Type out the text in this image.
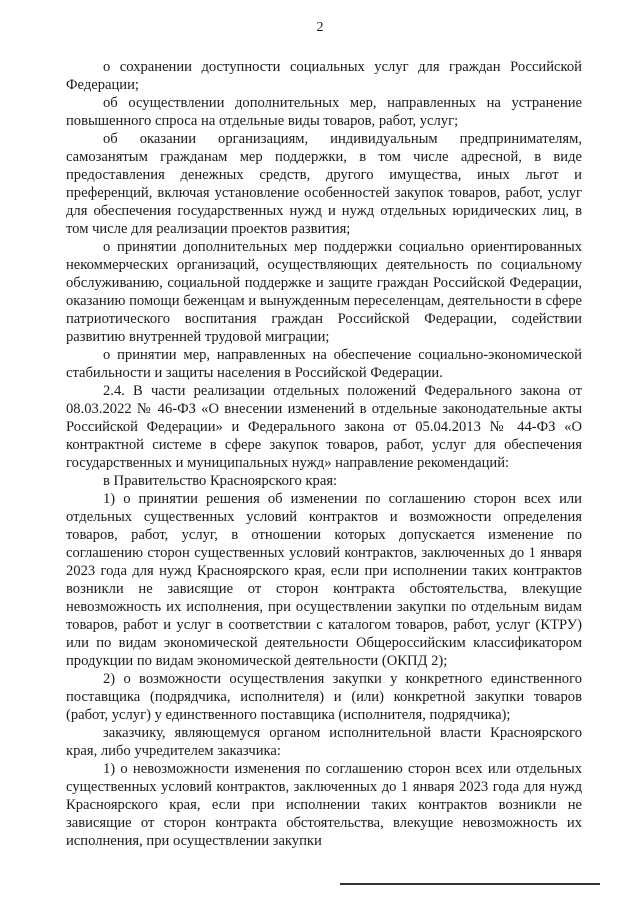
2

о сохранении доступности социальных услуг для граждан Российской Федерации;

об осуществлении дополнительных мер, направленных на устранение повышенного спроса на отдельные виды товаров, работ, услуг;

об оказании организациям, индивидуальным предпринимателям, самозанятым гражданам мер поддержки, в том числе адресной, в виде предоставления денежных средств, другого имущества, иных льгот и преференций, включая установление особенностей закупок товаров, работ, услуг для обеспечения государственных нужд и нужд отдельных юридических лиц, в том числе для реализации проектов развития;

о принятии дополнительных мер поддержки социально ориентированных некоммерческих организаций, осуществляющих деятельность по социальному обслуживанию, социальной поддержке и защите граждан Российской Федерации, оказанию помощи беженцам и вынужденным переселенцам, деятельности в сфере патриотического воспитания граждан Российской Федерации, содействии развитию внутренней трудовой миграции;

о принятии мер, направленных на обеспечение социально-экономической стабильности и защиты населения в Российской Федерации.

2.4. В части реализации отдельных положений Федерального закона от 08.03.2022 № 46-ФЗ «О внесении изменений в отдельные законодательные акты Российской Федерации» и Федерального закона от 05.04.2013 № 44-ФЗ «О контрактной системе в сфере закупок товаров, работ, услуг для обеспечения государственных и муниципальных нужд» направление рекомендаций:

в Правительство Красноярского края:

1) о принятии решения об изменении по соглашению сторон всех или отдельных существенных условий контрактов и возможности определения товаров, работ, услуг, в отношении которых допускается изменение по соглашению сторон существенных условий контрактов, заключенных до 1 января 2023 года для нужд Красноярского края, если при исполнении таких контрактов возникли не зависящие от сторон контракта обстоятельства, влекущие невозможность их исполнения, при осуществлении закупки по отдельным видам товаров, работ и услуг в соответствии с каталогом товаров, работ, услуг (КТРУ) или по видам экономической деятельности Общероссийским классификатором продукции по видам экономической деятельности (ОКПД 2);

2) о возможности осуществления закупки у конкретного единственного поставщика (подрядчика, исполнителя) и (или) конкретной закупки товаров (работ, услуг) у единственного поставщика (исполнителя, подрядчика);

заказчику, являющемуся органом исполнительной власти Красноярского края, либо учредителем заказчика:

1) о невозможности изменения по соглашению сторон всех или отдельных существенных условий контрактов, заключенных до 1 января 2023 года для нужд Красноярского края, если при исполнении таких контрактов возникли не зависящие от сторон контракта обстоятельства, влекущие невозможность их исполнения, при осуществлении закупки
